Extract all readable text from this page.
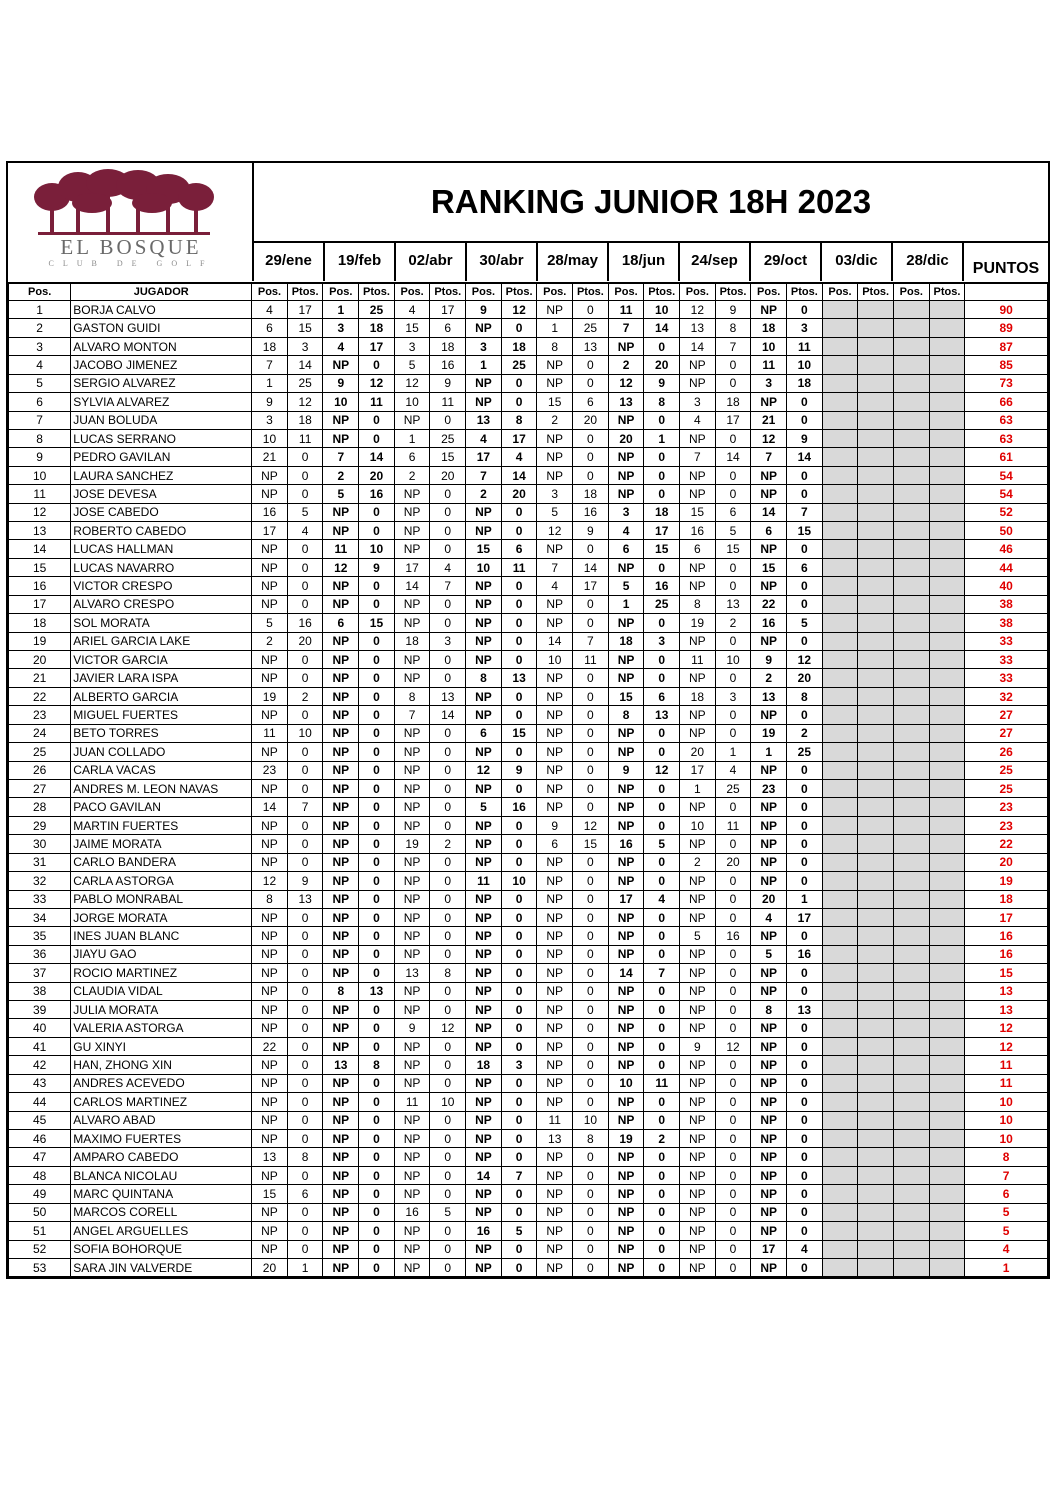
EL BOSQUE
CLUB DE GOLF
RANKING JUNIOR 18H 2023
29/ene	19/feb	02/abr	30/abr	28/may	18/jun	24/sep	29/oct	03/dic	28/dic	PUNTOS
Pos.	JUGADOR	Pos.	Ptos.	Pos.	Ptos.	Pos.	Ptos.	Pos.	Ptos.	Pos.	Ptos.	Pos.	Ptos.	Pos.	Ptos.	Pos.	Ptos.	Pos.	Ptos.	Pos.	Ptos.	
1	BORJA CALVO	4	17	1	25	4	17	9	12	NP	0	11	10	12	9	NP	0					90
2	GASTON GUIDI	6	15	3	18	15	6	NP	0	1	25	7	14	13	8	18	3					89
3	ALVARO MONTON	18	3	4	17	3	18	3	18	8	13	NP	0	14	7	10	11					87
4	JACOBO JIMENEZ	7	14	NP	0	5	16	1	25	NP	0	2	20	NP	0	11	10					85
5	SERGIO ALVAREZ	1	25	9	12	12	9	NP	0	NP	0	12	9	NP	0	3	18					73
6	SYLVIA ALVAREZ	9	12	10	11	10	11	NP	0	15	6	13	8	3	18	NP	0					66
7	JUAN BOLUDA	3	18	NP	0	NP	0	13	8	2	20	NP	0	4	17	21	0					63
8	LUCAS SERRANO	10	11	NP	0	1	25	4	17	NP	0	20	1	NP	0	12	9					63
9	PEDRO GAVILAN	21	0	7	14	6	15	17	4	NP	0	NP	0	7	14	7	14					61
10	LAURA SANCHEZ	NP	0	2	20	2	20	7	14	NP	0	NP	0	NP	0	NP	0					54
11	JOSE DEVESA	NP	0	5	16	NP	0	2	20	3	18	NP	0	NP	0	NP	0					54
12	JOSE CABEDO	16	5	NP	0	NP	0	NP	0	5	16	3	18	15	6	14	7					52
13	ROBERTO CABEDO	17	4	NP	0	NP	0	NP	0	12	9	4	17	16	5	6	15					50
14	LUCAS HALLMAN	NP	0	11	10	NP	0	15	6	NP	0	6	15	6	15	NP	0					46
15	LUCAS NAVARRO	NP	0	12	9	17	4	10	11	7	14	NP	0	NP	0	15	6					44
16	VICTOR CRESPO	NP	0	NP	0	14	7	NP	0	4	17	5	16	NP	0	NP	0					40
17	ALVARO CRESPO	NP	0	NP	0	NP	0	NP	0	NP	0	1	25	8	13	22	0					38
18	SOL MORATA	5	16	6	15	NP	0	NP	0	NP	0	NP	0	19	2	16	5					38
19	ARIEL GARCIA LAKE	2	20	NP	0	18	3	NP	0	14	7	18	3	NP	0	NP	0					33
20	VICTOR GARCIA	NP	0	NP	0	NP	0	NP	0	10	11	NP	0	11	10	9	12					33
21	JAVIER LARA ISPA	NP	0	NP	0	NP	0	8	13	NP	0	NP	0	NP	0	2	20					33
22	ALBERTO GARCIA	19	2	NP	0	8	13	NP	0	NP	0	15	6	18	3	13	8					32
23	MIGUEL FUERTES	NP	0	NP	0	7	14	NP	0	NP	0	8	13	NP	0	NP	0					27
24	BETO TORRES	11	10	NP	0	NP	0	6	15	NP	0	NP	0	NP	0	19	2					27
25	JUAN COLLADO	NP	0	NP	0	NP	0	NP	0	NP	0	NP	0	20	1	1	25					26
26	CARLA VACAS	23	0	NP	0	NP	0	12	9	NP	0	9	12	17	4	NP	0					25
27	ANDRES M. LEON NAVAS	NP	0	NP	0	NP	0	NP	0	NP	0	NP	0	1	25	23	0					25
28	PACO GAVILAN	14	7	NP	0	NP	0	5	16	NP	0	NP	0	NP	0	NP	0					23
29	MARTIN FUERTES	NP	0	NP	0	NP	0	NP	0	9	12	NP	0	10	11	NP	0					23
30	JAIME MORATA	NP	0	NP	0	19	2	NP	0	6	15	16	5	NP	0	NP	0					22
31	CARLO BANDERA	NP	0	NP	0	NP	0	NP	0	NP	0	NP	0	2	20	NP	0					20
32	CARLA ASTORGA	12	9	NP	0	NP	0	11	10	NP	0	NP	0	NP	0	NP	0					19
33	PABLO MONRABAL	8	13	NP	0	NP	0	NP	0	NP	0	17	4	NP	0	20	1					18
34	JORGE MORATA	NP	0	NP	0	NP	0	NP	0	NP	0	NP	0	NP	0	4	17					17
35	INES JUAN BLANC	NP	0	NP	0	NP	0	NP	0	NP	0	NP	0	5	16	NP	0					16
36	JIAYU GAO	NP	0	NP	0	NP	0	NP	0	NP	0	NP	0	NP	0	5	16					16
37	ROCIO MARTINEZ	NP	0	NP	0	13	8	NP	0	NP	0	14	7	NP	0	NP	0					15
38	CLAUDIA VIDAL	NP	0	8	13	NP	0	NP	0	NP	0	NP	0	NP	0	NP	0					13
39	JULIA MORATA	NP	0	NP	0	NP	0	NP	0	NP	0	NP	0	NP	0	8	13					13
40	VALERIA ASTORGA	NP	0	NP	0	9	12	NP	0	NP	0	NP	0	NP	0	NP	0					12
41	GU XINYI	22	0	NP	0	NP	0	NP	0	NP	0	NP	0	9	12	NP	0					12
42	HAN, ZHONG XIN	NP	0	13	8	NP	0	18	3	NP	0	NP	0	NP	0	NP	0					11
43	ANDRES ACEVEDO	NP	0	NP	0	NP	0	NP	0	NP	0	10	11	NP	0	NP	0					11
44	CARLOS MARTINEZ	NP	0	NP	0	11	10	NP	0	NP	0	NP	0	NP	0	NP	0					10
45	ALVARO ABAD	NP	0	NP	0	NP	0	NP	0	11	10	NP	0	NP	0	NP	0					10
46	MAXIMO FUERTES	NP	0	NP	0	NP	0	NP	0	13	8	19	2	NP	0	NP	0					10
47	AMPARO CABEDO	13	8	NP	0	NP	0	NP	0	NP	0	NP	0	NP	0	NP	0					8
48	BLANCA NICOLAU	NP	0	NP	0	NP	0	14	7	NP	0	NP	0	NP	0	NP	0					7
49	MARC QUINTANA	15	6	NP	0	NP	0	NP	0	NP	0	NP	0	NP	0	NP	0					6
50	MARCOS CORELL	NP	0	NP	0	16	5	NP	0	NP	0	NP	0	NP	0	NP	0					5
51	ANGEL ARGUELLES	NP	0	NP	0	NP	0	16	5	NP	0	NP	0	NP	0	NP	0					5
52	SOFIA BOHORQUE	NP	0	NP	0	NP	0	NP	0	NP	0	NP	0	NP	0	17	4					4
53	SARA JIN VALVERDE	20	1	NP	0	NP	0	NP	0	NP	0	NP	0	NP	0	NP	0					1
